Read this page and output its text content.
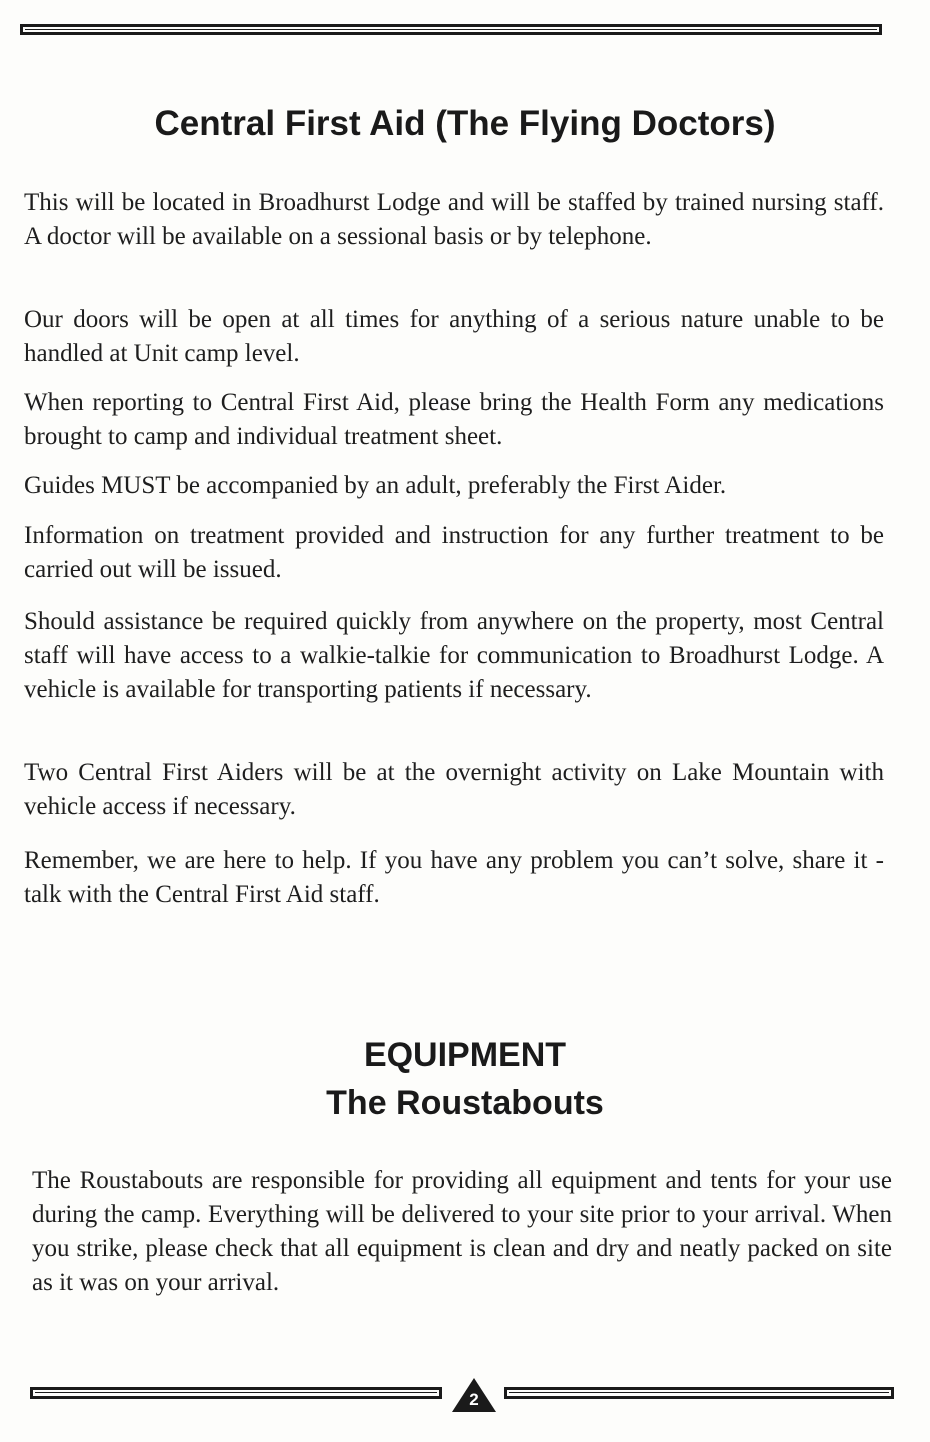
Central First Aid (The Flying Doctors)

This will be located in Broadhurst Lodge and will be staffed by trained nursing staff. A doctor will be available on a sessional basis or by telephone.

Our doors will be open at all times for anything of a serious nature unable to be handled at Unit camp level.

When reporting to Central First Aid, please bring the Health Form any medications brought to camp and individual treatment sheet.

Guides MUST be accompanied by an adult, preferably the First Aider.

Information on treatment provided and instruction for any further treatment to be carried out will be issued.

Should assistance be required quickly from anywhere on the property, most Central staff will have access to a walkie-talkie for communication to Broadhurst Lodge. A vehicle is available for transporting patients if necessary.

Two Central First Aiders will be at the overnight activity on Lake Mountain with vehicle access if necessary.

Remember, we are here to help. If you have any problem you can’t solve, share it - talk with the Central First Aid staff.

EQUIPMENT
The Roustabouts

The Roustabouts are responsible for providing all equipment and tents for your use during the camp. Everything will be delivered to your site prior to your arrival. When you strike, please check that all equipment is clean and dry and neatly packed on site as it was on your arrival.

2
